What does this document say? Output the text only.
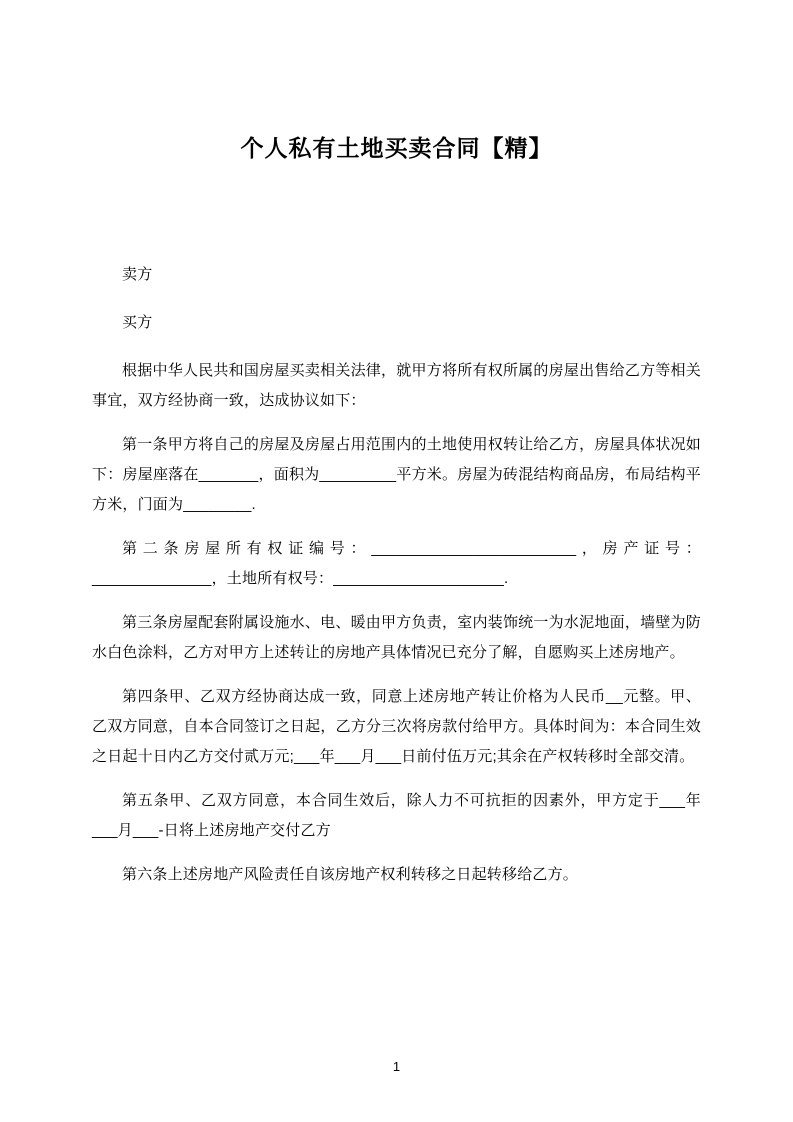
个人私有土地买卖合同【精】

卖方

买方

根据中华人民共和国房屋买卖相关法律，就甲方将所有权所属的房屋出售给乙方等相关事宜，双方经协商一致，达成协议如下：

第一条甲方将自己的房屋及房屋占用范围内的土地使用权转让给乙方，房屋具体状况如下：房屋座落在_______，面积为_________平方米。房屋为砖混结构商品房，布局结构平方米，门面为________.

第二条房屋所有权证编号：________________________，房产证号：______________，土地所有权号：____________________.

第三条房屋配套附属设施水、电、暖由甲方负责，室内装饰统一为水泥地面，墙壁为防水白色涂料，乙方对甲方上述转让的房地产具体情况已充分了解，自愿购买上述房地产。

第四条甲、乙双方经协商达成一致，同意上述房地产转让价格为人民币__元整。甲、乙双方同意，自本合同签订之日起，乙方分三次将房款付给甲方。具体时间为：本合同生效之日起十日内乙方交付贰万元;___年___月___日前付伍万元;其余在产权转移时全部交清。

第五条甲、乙双方同意，本合同生效后，除人力不可抗拒的因素外，甲方定于___年___月___-日将上述房地产交付乙方

第六条上述房地产风险责任自该房地产权利转移之日起转移给乙方。

1
